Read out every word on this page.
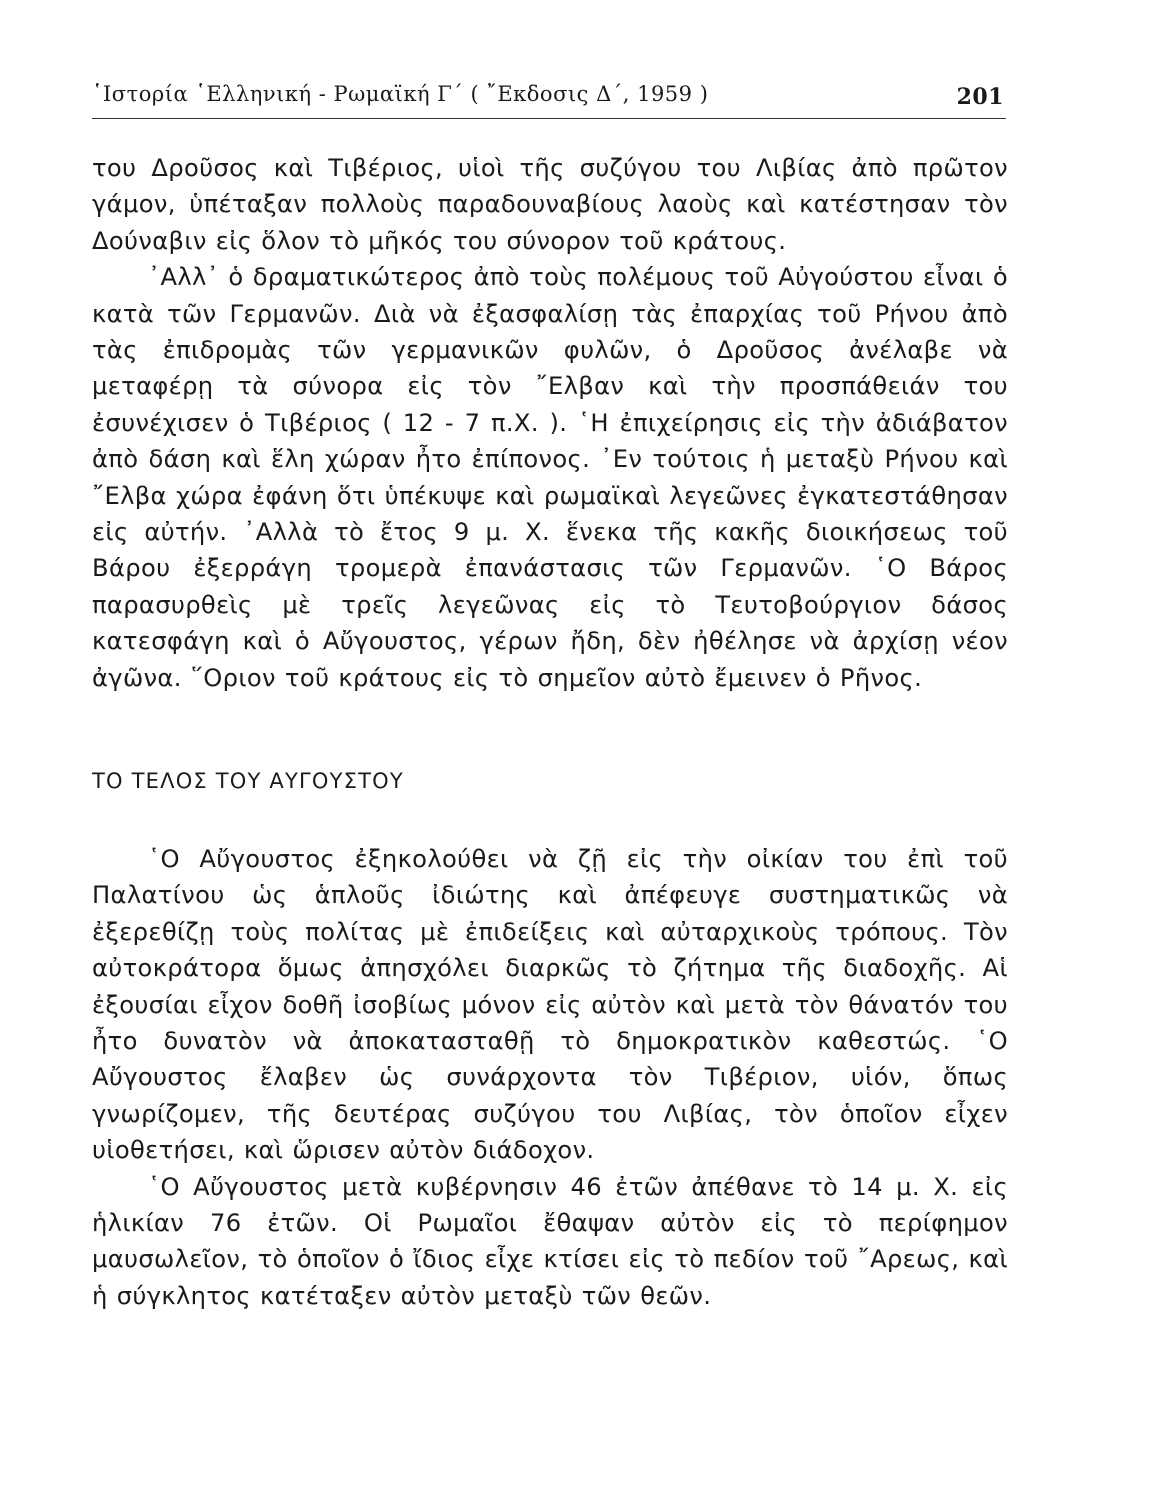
῾Ιστορία ῾Ελληνική - Ρωμαϊκή Γ΄ ( ῎Εκδοσις Δ΄, 1959 )	201

του Δροῦσος καὶ Τιβέριος, υἱοὶ τῆς συζύγου του Λιβίας ἀπὸ πρῶτον γάμον, ὑπέταξαν πολλοὺς παραδουναβίους λαοὺς καὶ κατέστησαν τὸν Δούναβιν εἰς ὅλον τὸ μῆκός του σύνορον τοῦ κράτους.

᾿Αλλ᾿ ὁ δραματικώτερος ἀπὸ τοὺς πολέμους τοῦ Αὐγούστου εἶναι ὁ κατὰ τῶν Γερμανῶν. Διὰ νὰ ἐξασφαλίσῃ τὰς ἐπαρχίας τοῦ Ρήνου ἀπὸ τὰς ἐπιδρομὰς τῶν γερμανικῶν φυλῶν, ὁ Δροῦσος ἀνέλαβε νὰ μεταφέρῃ τὰ σύνορα εἰς τὸν ῎Ελβαν καὶ τὴν προσπάθειάν του ἐσυνέχισεν ὁ Τιβέριος ( 12 - 7 π.Χ. ). ῾Η ἐπιχείρησις εἰς τὴν ἀδιάβατον ἀπὸ δάση καὶ ἕλη χώραν ἦτο ἐπίπονος. ᾿Εν τούτοις ἡ μεταξὺ Ρήνου καὶ ῎Ελβα χώρα ἐφάνη ὅτι ὑπέκυψε καὶ ρωμαϊκαὶ λεγεῶνες ἐγκατεστάθησαν εἰς αὐτήν. ᾿Αλλὰ τὸ ἔτος 9 μ. Χ. ἕνεκα τῆς κακῆς διοικήσεως τοῦ Βάρου ἐξερράγη τρομερὰ ἐπανάστασις τῶν Γερμανῶν. ῾Ο Βάρος παρασυρθεὶς μὲ τρεῖς λεγεῶνας εἰς τὸ Τευτοβούργιον δάσος κατεσφάγη καὶ ὁ Αὔγουστος, γέρων ἤδη, δὲν ἠθέλησε νὰ ἀρχίσῃ νέον ἀγῶνα. ῞Οριον τοῦ κράτους εἰς τὸ σημεῖον αὐτὸ ἔμεινεν ὁ Ρῆνος.

ΤΟ ΤΕΛΟΣ ΤΟΥ ΑΥΓΟΥΣΤΟΥ

῾Ο Αὔγουστος ἐξηκολούθει νὰ ζῇ εἰς τὴν οἰκίαν του ἐπὶ τοῦ Παλατίνου ὡς ἁπλοῦς ἰδιώτης καὶ ἀπέφευγε συστηματικῶς νὰ ἐξερεθίζῃ τοὺς πολίτας μὲ ἐπιδείξεις καὶ αὐταρχικοὺς τρόπους. Τὸν αὐτοκράτορα ὅμως ἀπησχόλει διαρκῶς τὸ ζήτημα τῆς διαδοχῆς. Αἱ ἐξουσίαι εἶχον δοθῆ ἰσοβίως μόνον εἰς αὐτὸν καὶ μετὰ τὸν θάνατόν του ἦτο δυνατὸν νὰ ἀποκατασταθῇ τὸ δημοκρατικὸν καθεστώς. ῾Ο Αὔγουστος ἔλαβεν ὡς συνάρχοντα τὸν Τιβέριον, υἱόν, ὅπως γνωρίζομεν, τῆς δευτέρας συζύγου του Λιβίας, τὸν ὁποῖον εἶχεν υἱοθετήσει, καὶ ὥρισεν αὐτὸν διάδοχον.

῾Ο Αὔγουστος μετὰ κυβέρνησιν 46 ἐτῶν ἀπέθανε τὸ 14 μ. Χ. εἰς ἡλικίαν 76 ἐτῶν. Οἱ Ρωμαῖοι ἔθαψαν αὐτὸν εἰς τὸ περίφημον μαυσωλεῖον, τὸ ὁποῖον ὁ ἴδιος εἶχε κτίσει εἰς τὸ πεδίον τοῦ ῎Αρεως, καὶ ἡ σύγκλητος κατέταξεν αὐτὸν μεταξὺ τῶν θεῶν.
